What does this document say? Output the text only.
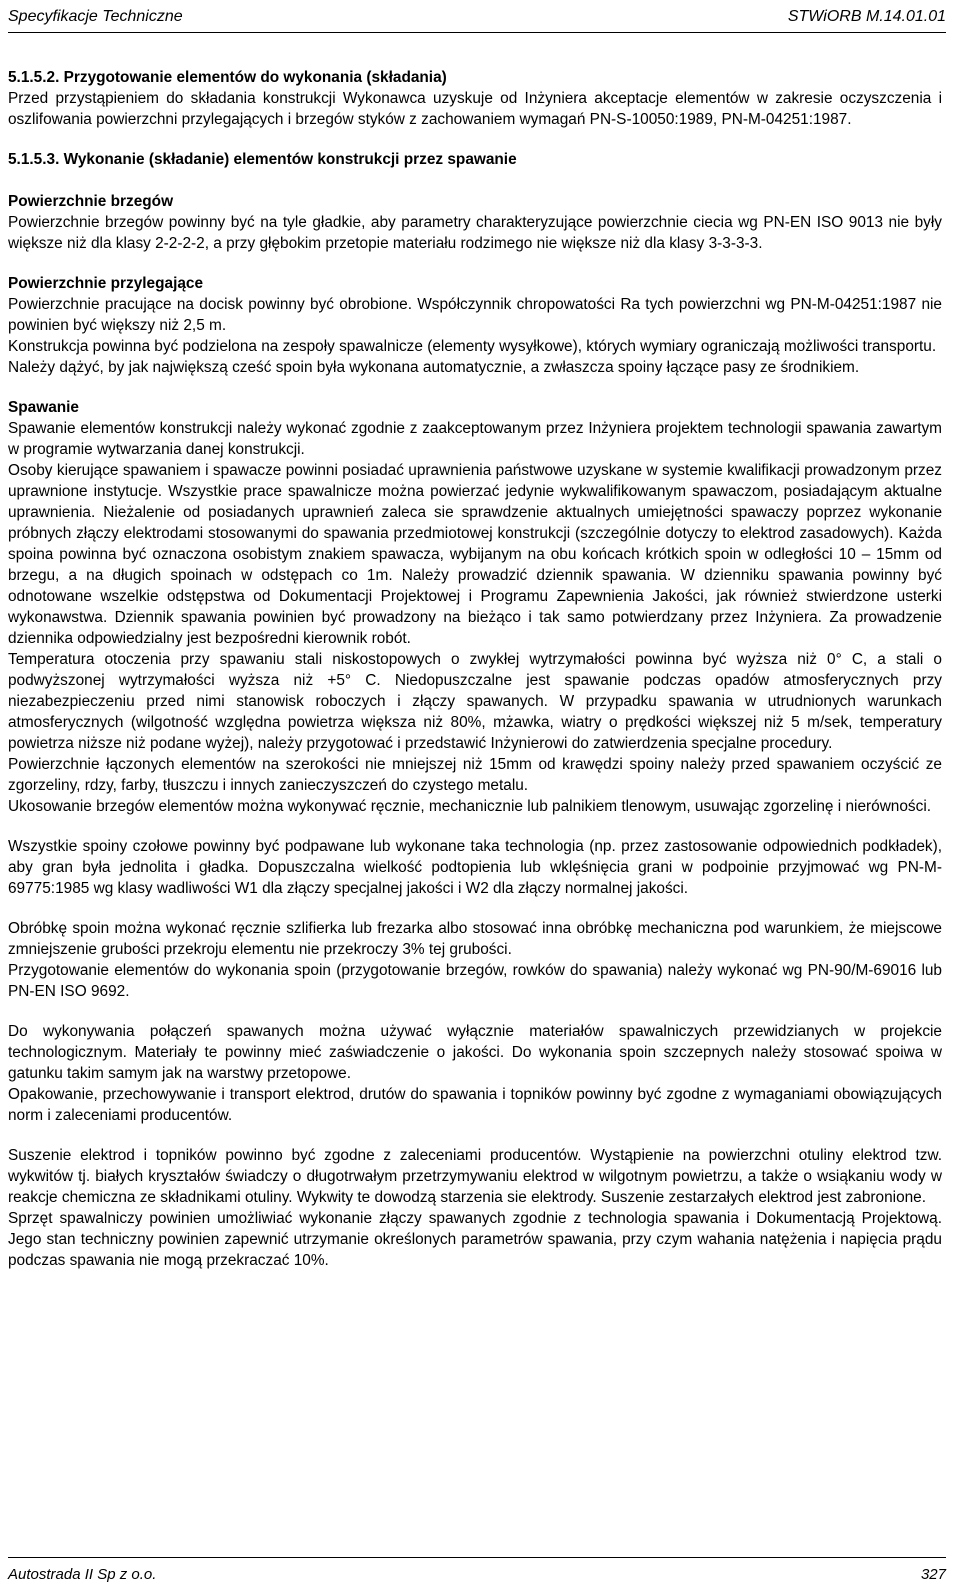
Specyfikacje Techniczne	STWiORB M.14.01.01

5.1.5.2. Przygotowanie elementów do wykonania (składania)

Przed przystąpieniem do składania konstrukcji Wykonawca uzyskuje od Inżyniera akceptacje elementów w zakresie oczyszczenia i oszlifowania powierzchni przylegających i brzegów styków z zachowaniem wymagań PN-S-10050:1989, PN-M-04251:1987.

5.1.5.3. Wykonanie (składanie) elementów konstrukcji przez spawanie

Powierzchnie brzegów

Powierzchnie brzegów powinny być na tyle gładkie, aby parametry charakteryzujące powierzchnie ciecia wg PN-EN ISO 9013 nie były większe niż dla klasy 2-2-2-2, a przy głębokim przetopie materiału rodzimego nie większe niż dla klasy 3-3-3-3.

Powierzchnie przylegające

Powierzchnie pracujące na docisk powinny być obrobione. Współczynnik chropowatości Ra tych powierzchni wg PN-M-04251:1987 nie powinien być większy niż 2,5 m.

Konstrukcja powinna być podzielona na zespoły spawalnicze (elementy wysyłkowe), których wymiary ograniczają możliwości transportu.

Należy dążyć, by jak największą cześć spoin była wykonana automatycznie, a zwłaszcza spoiny łączące pasy ze środnikiem.

Spawanie

Spawanie elementów konstrukcji należy wykonać zgodnie z zaakceptowanym przez Inżyniera projektem technologii spawania zawartym w programie wytwarzania danej konstrukcji.

Osoby kierujące spawaniem i spawacze powinni posiadać uprawnienia państwowe uzyskane w systemie kwalifikacji prowadzonym przez uprawnione instytucje. Wszystkie prace spawalnicze można powierzać jedynie wykwalifikowanym spawaczom, posiadającym aktualne uprawnienia. Nieżalenie od posiadanych uprawnień zaleca sie sprawdzenie aktualnych umiejętności spawaczy poprzez wykonanie próbnych złączy elektrodami stosowanymi do spawania przedmiotowej konstrukcji (szczególnie dotyczy to elektrod zasadowych). Każda spoina powinna być oznaczona osobistym znakiem spawacza, wybijanym na obu końcach krótkich spoin w odległości 10 – 15mm od brzegu, a na długich spoinach w odstępach co 1m. Należy prowadzić dziennik spawania. W dzienniku spawania powinny być odnotowane wszelkie odstępstwa od Dokumentacji Projektowej i Programu Zapewnienia Jakości, jak również stwierdzone usterki wykonawstwa. Dziennik spawania powinien być prowadzony na bieżąco i tak samo potwierdzany przez Inżyniera. Za prowadzenie dziennika odpowiedzialny jest bezpośredni kierownik robót.

Temperatura otoczenia przy spawaniu stali niskostopowych o zwykłej wytrzymałości powinna być wyższa niż 0° C, a stali o podwyższonej wytrzymałości wyższa niż +5° C. Niedopuszczalne jest spawanie podczas opadów atmosferycznych przy niezabezpieczeniu przed nimi stanowisk roboczych i złączy spawanych. W przypadku spawania w utrudnionych warunkach atmosferycznych (wilgotność względna powietrza większa niż 80%, mżawka, wiatry o prędkości większej niż 5 m/sek, temperatury powietrza niższe niż podane wyżej), należy przygotować i przedstawić Inżynierowi do zatwierdzenia specjalne procedury.

Powierzchnie łączonych elementów na szerokości nie mniejszej niż 15mm od krawędzi spoiny należy przed spawaniem oczyścić ze zgorzeliny, rdzy, farby, tłuszczu i innych zanieczyszczeń do czystego metalu.

Ukosowanie brzegów elementów można wykonywać ręcznie, mechanicznie lub palnikiem tlenowym, usuwając zgorzelinę i nierówności.

Wszystkie spoiny czołowe powinny być podpawane lub wykonane taka technologia (np. przez zastosowanie odpowiednich podkładek), aby gran była jednolita i gładka. Dopuszczalna wielkość podtopienia lub wklęśnięcia grani w podpoinie przyjmować wg PN-M-69775:1985 wg klasy wadliwości W1 dla złączy specjalnej jakości i W2 dla złączy normalnej jakości.

Obróbkę spoin można wykonać ręcznie szlifierka lub frezarka albo stosować inna obróbkę mechaniczna pod warunkiem, że miejscowe zmniejszenie grubości przekroju elementu nie przekroczy 3% tej grubości.

Przygotowanie elementów do wykonania spoin (przygotowanie brzegów, rowków do spawania) należy wykonać wg PN-90/M-69016 lub PN-EN ISO 9692.

Do wykonywania połączeń spawanych można używać wyłącznie materiałów spawalniczych przewidzianych w projekcie technologicznym. Materiały te powinny mieć zaświadczenie o jakości. Do wykonania spoin szczepnych należy stosować spoiwa w gatunku takim samym jak na warstwy przetopowe.

Opakowanie, przechowywanie i transport elektrod, drutów do spawania i topników powinny być zgodne z wymaganiami obowiązujących norm i zaleceniami producentów.

Suszenie elektrod i topników powinno być zgodne z zaleceniami producentów. Wystąpienie na powierzchni otuliny elektrod tzw. wykwitów tj. białych kryształów świadczy o długotrwałym przetrzymywaniu elektrod w wilgotnym powietrzu, a także o wsiąkaniu wody w reakcje chemiczna ze składnikami otuliny. Wykwity te dowodzą starzenia sie elektrody. Suszenie zestarzałych elektrod jest zabronione.

Sprzęt spawalniczy powinien umożliwiać wykonanie złączy spawanych zgodnie z technologia spawania i Dokumentacją Projektową. Jego stan techniczny powinien zapewnić utrzymanie określonych parametrów spawania, przy czym wahania natężenia i napięcia prądu podczas spawania nie mogą przekraczać 10%.

Autostrada II Sp z o.o.	327
